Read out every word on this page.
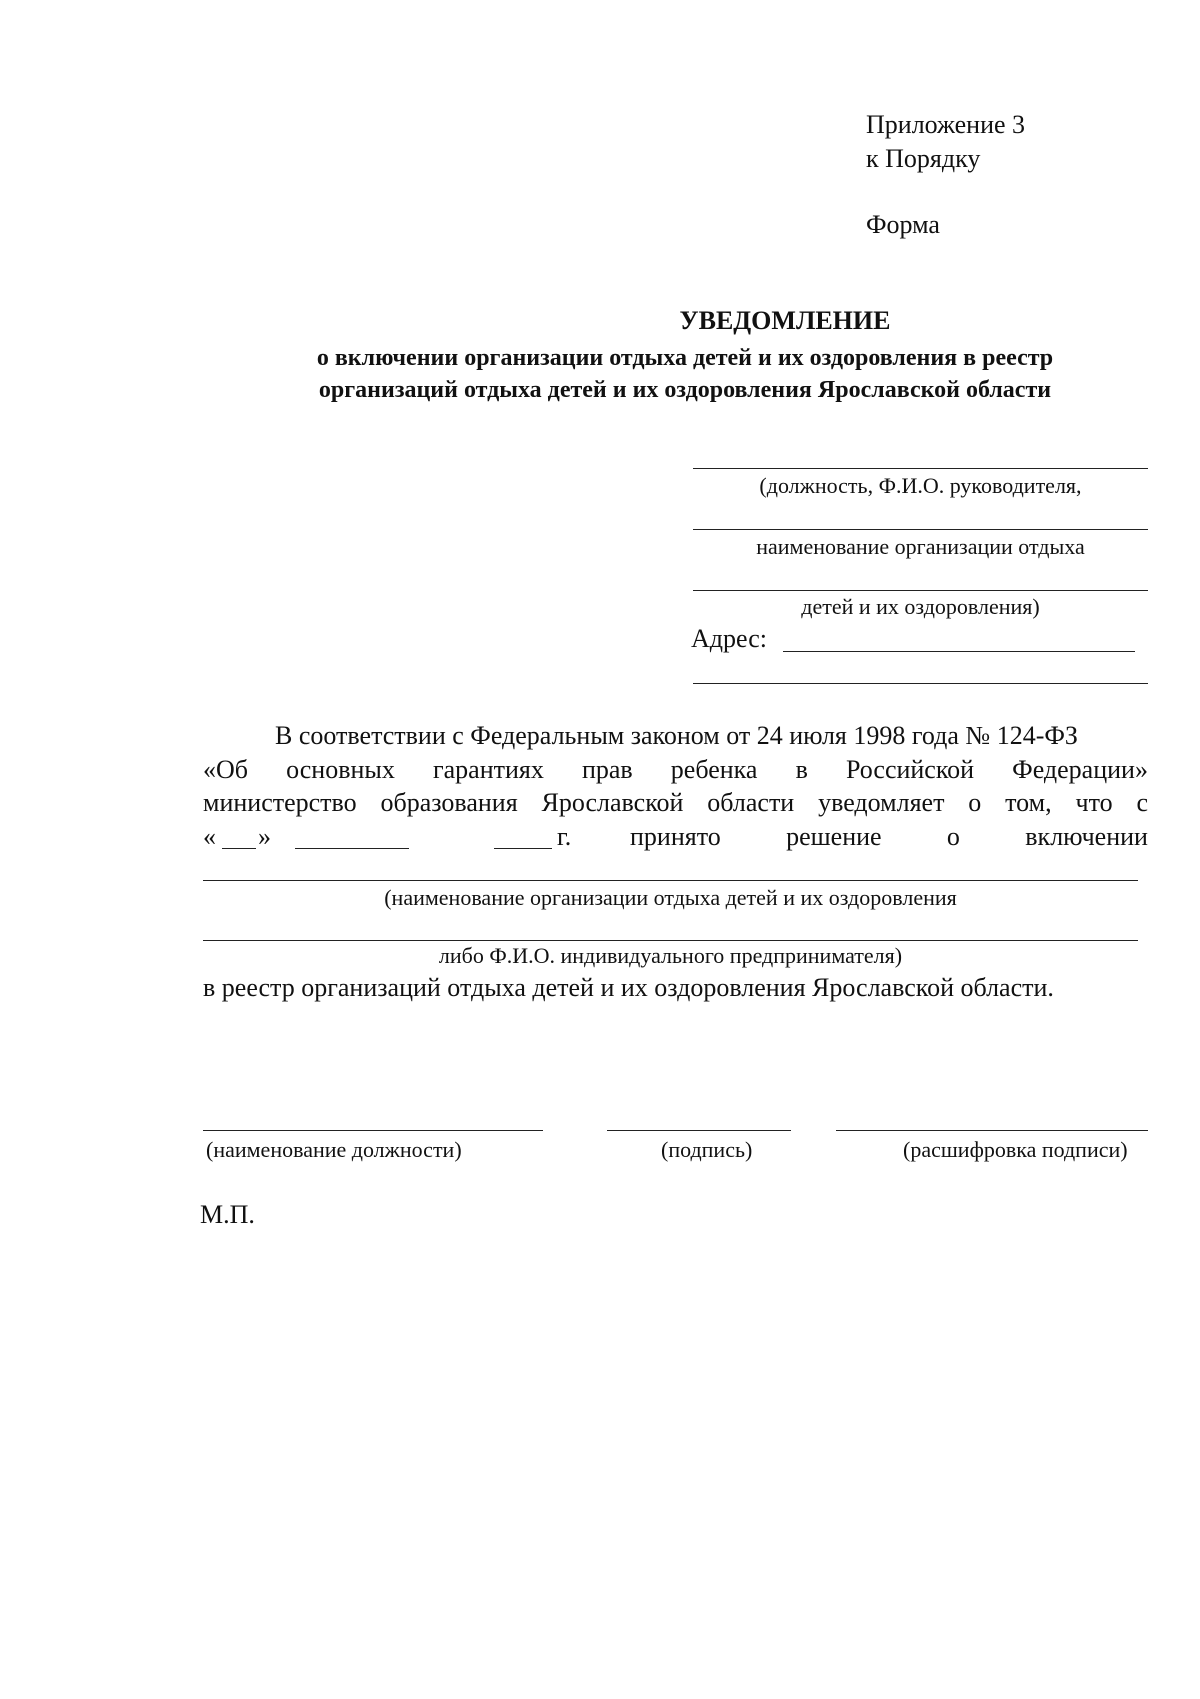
Приложение 3
к Порядку
Форма
УВЕДОМЛЕНИЕ
о включении организации отдыха детей и их оздоровления в реестр
организаций отдыха детей и их оздоровления Ярославской области
(должность, Ф.И.О. руководителя,
наименование организации отдыха
детей и их оздоровления)
Адрес:
В соответствии с Федеральным законом от 24 июля 1998 года № 124-ФЗ
«Об основных гарантиях прав ребенка в Российской Федерации»
министерство образования Ярославской области уведомляет о том, что с
« »	г. принято	решение	о	включении
(наименование организации отдыха детей и их оздоровления
либо Ф.И.О. индивидуального предпринимателя)
в реестр организаций отдыха детей и их оздоровления Ярославской области.
(наименование должности)	(подпись)	(расшифровка подписи)
М.П.
